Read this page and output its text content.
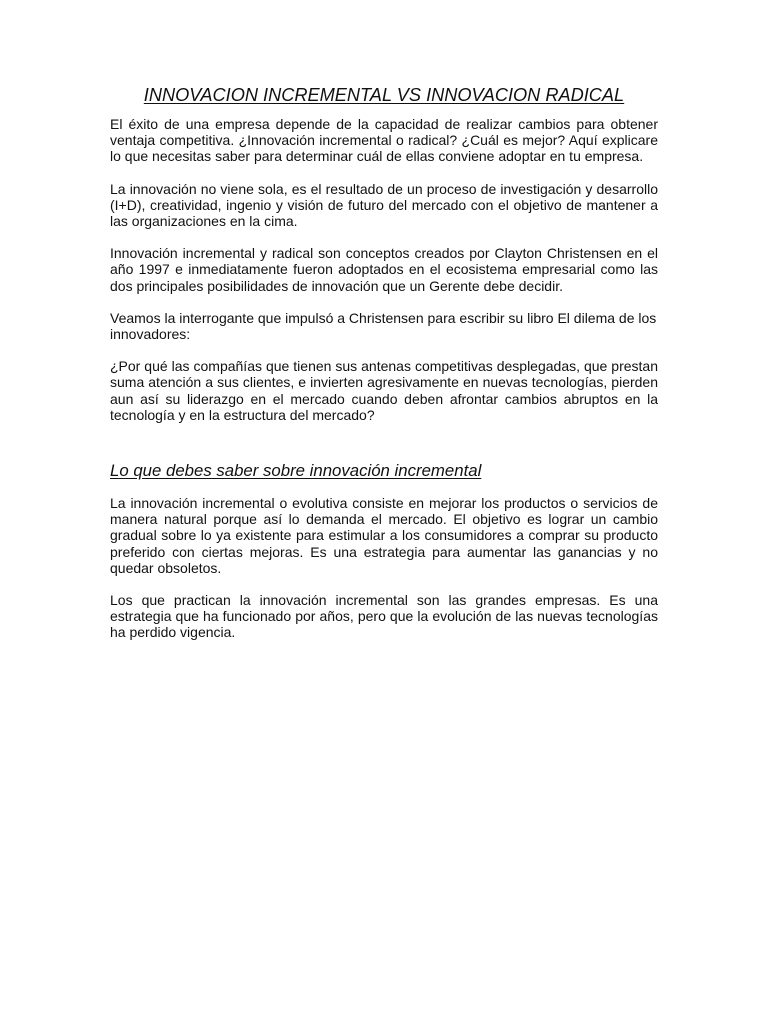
INNOVACION INCREMENTAL VS INNOVACION RADICAL

El éxito de una empresa depende de la capacidad de realizar cambios para obtener ventaja competitiva. ¿Innovación incremental o radical? ¿Cuál es mejor? Aquí explicare lo que necesitas saber para determinar cuál de ellas conviene adoptar en tu empresa.

La innovación no viene sola, es el resultado de un proceso de investigación y desarrollo (I+D), creatividad, ingenio y visión de futuro del mercado con el objetivo de mantener a las organizaciones en la cima.

Innovación incremental y radical son conceptos creados por Clayton Christensen en el año 1997 e inmediatamente fueron adoptados en el ecosistema empresarial como las dos principales posibilidades de innovación que un Gerente debe decidir.

Veamos la interrogante que impulsó a Christensen para escribir su libro El dilema de los innovadores:

¿Por qué las compañías que tienen sus antenas competitivas desplegadas, que prestan suma atención a sus clientes, e invierten agresivamente en nuevas tecnologías, pierden aun así su liderazgo en el mercado cuando deben afrontar cambios abruptos en la tecnología y en la estructura del mercado?

Lo que debes saber sobre innovación incremental

La innovación incremental o evolutiva consiste en mejorar los productos o servicios de manera natural porque así lo demanda el mercado. El objetivo es lograr un cambio gradual sobre lo ya existente para estimular a los consumidores a comprar su producto preferido con ciertas mejoras. Es una estrategia para aumentar las ganancias y no quedar obsoletos.

Los que practican la innovación incremental son las grandes empresas. Es una estrategia que ha funcionado por años, pero que la evolución de las nuevas tecnologías ha perdido vigencia.
